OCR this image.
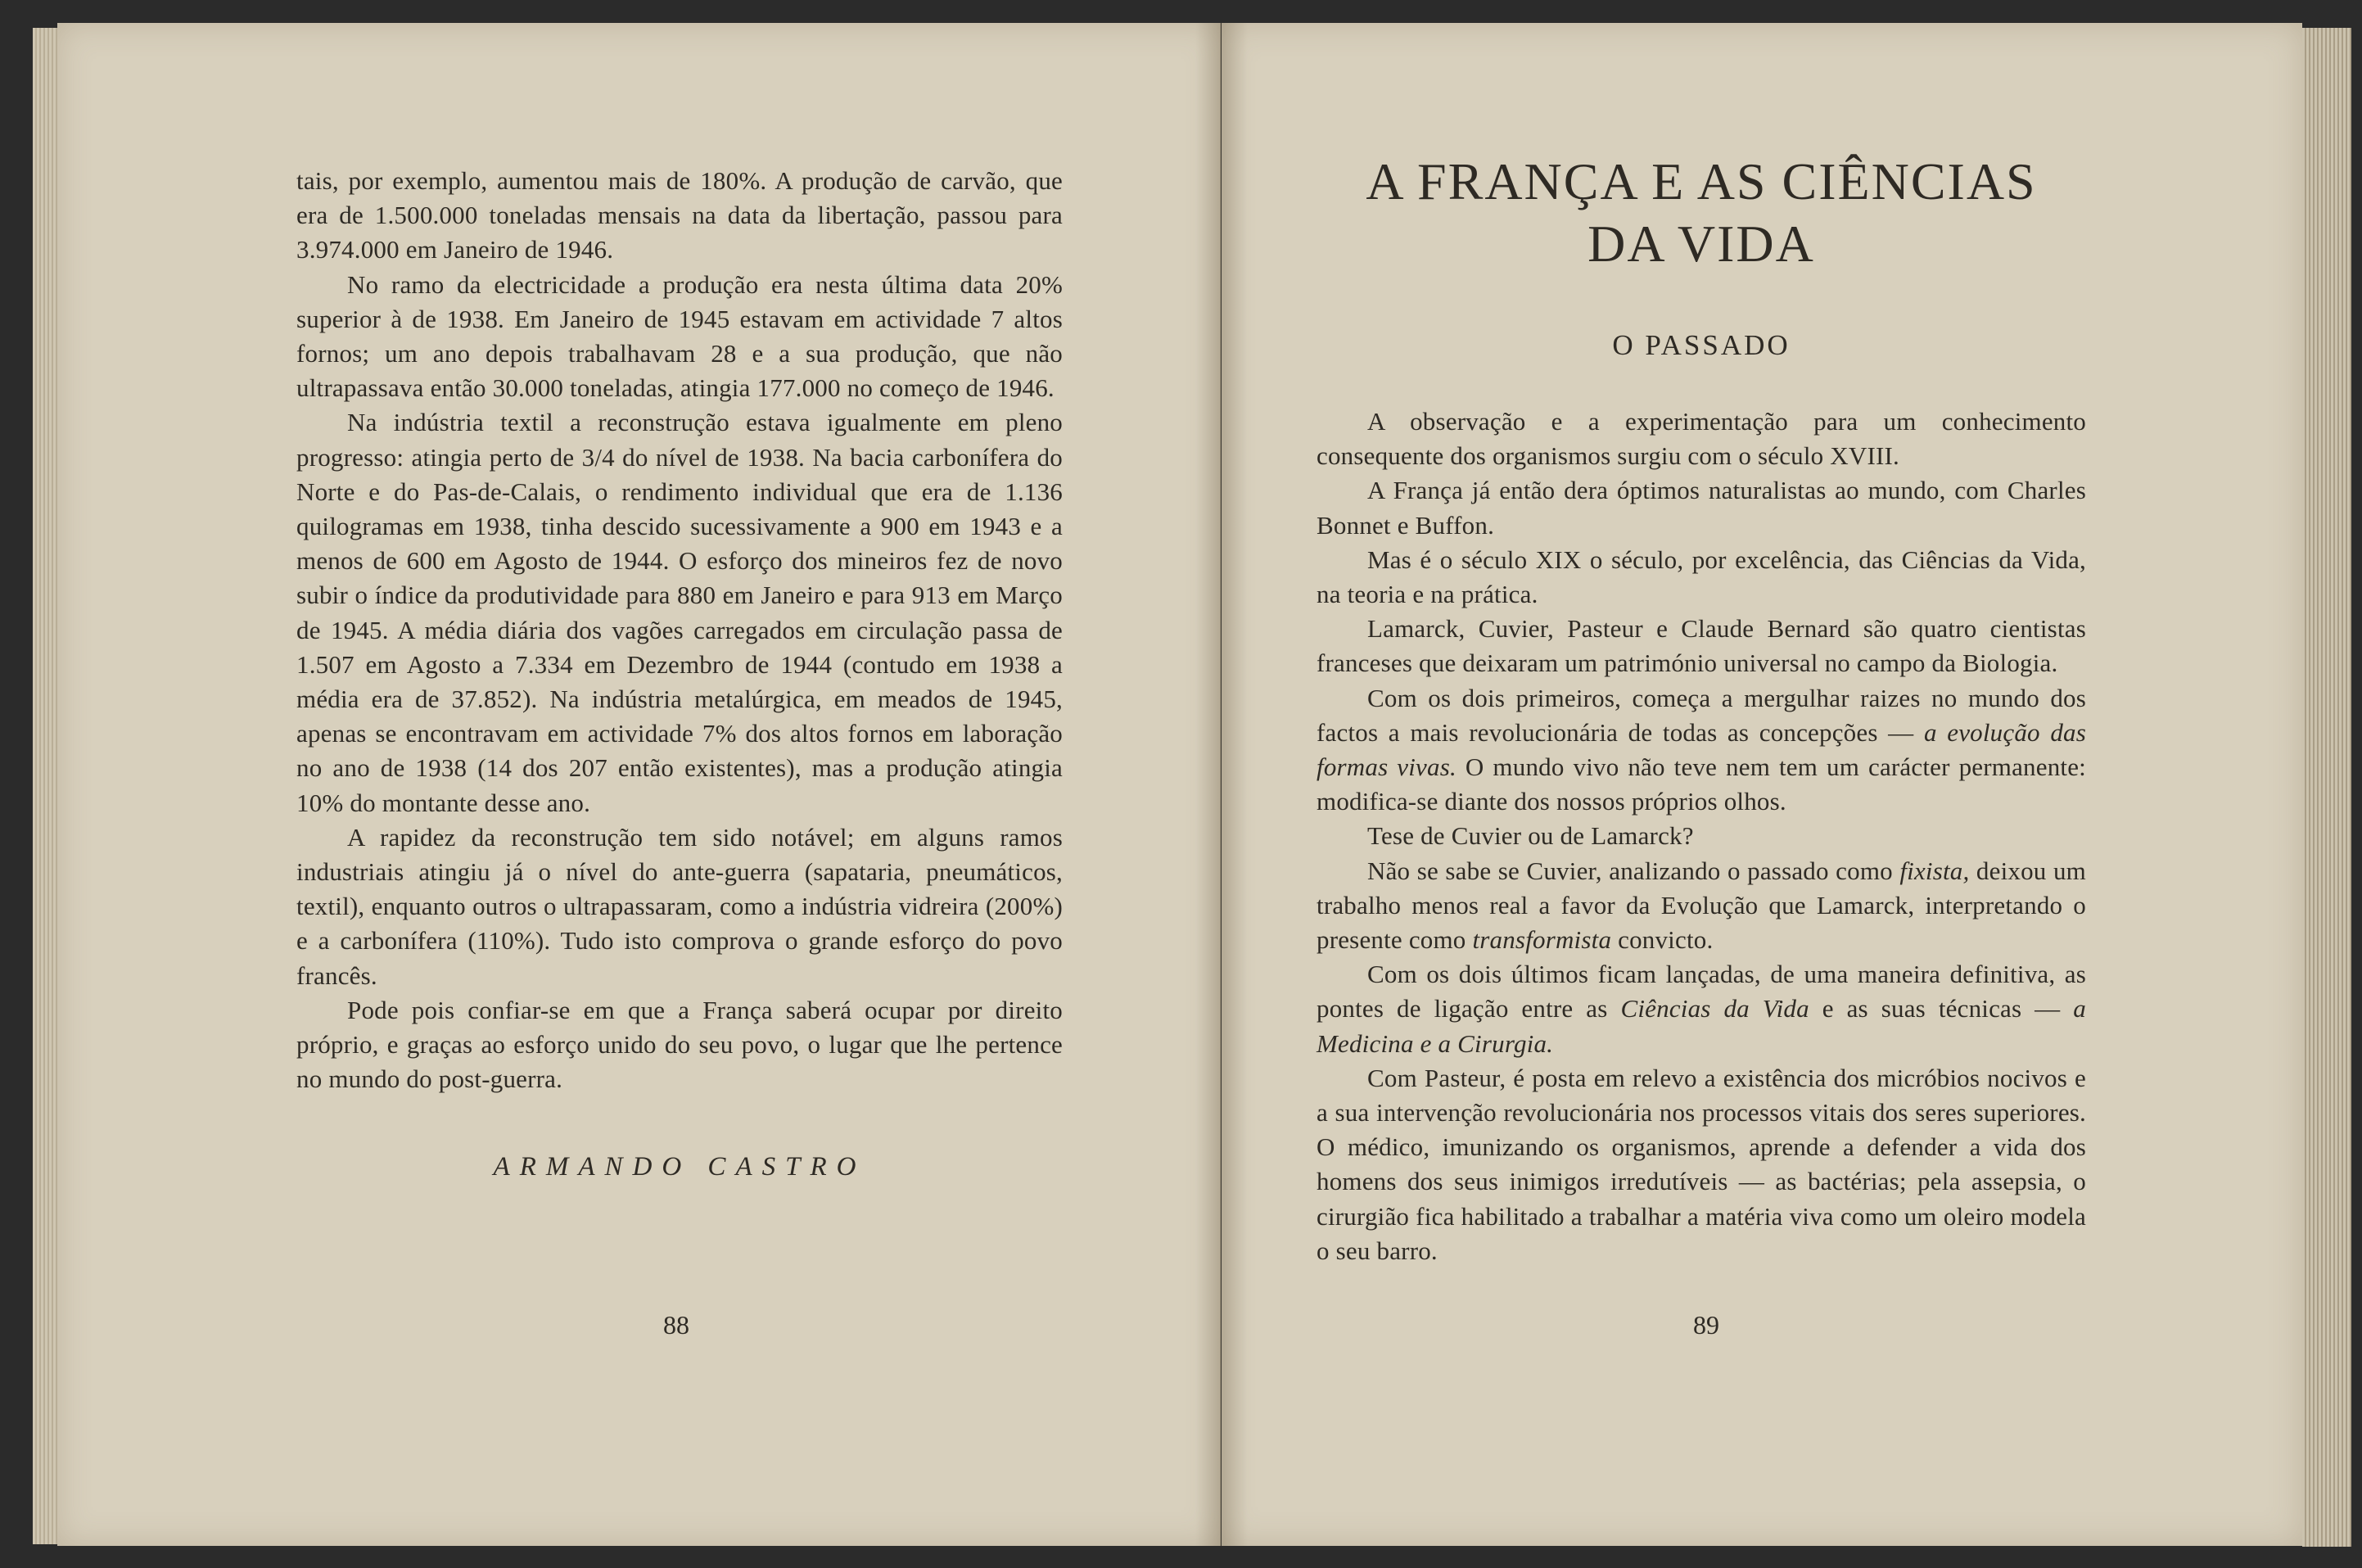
tais, por exemplo, aumentou mais de 180%. A produção de carvão, que era de 1.500.000 toneladas mensais na data da libertação, passou para 3.974.000 em Janeiro de 1946.

No ramo da electricidade a produção era nesta última data 20% superior à de 1938. Em Janeiro de 1945 estavam em actividade 7 altos fornos; um ano depois trabalhavam 28 e a sua produção, que não ultrapassava então 30.000 toneladas, atingia 177.000 no começo de 1946.

Na indústria textil a reconstrução estava igualmente em pleno progresso: atingia perto de 3/4 do nível de 1938. Na bacia carbonífera do Norte e do Pas-de-Calais, o rendimento individual que era de 1.136 quilogramas em 1938, tinha descido sucessivamente a 900 em 1943 e a menos de 600 em Agosto de 1944. O esforço dos mineiros fez de novo subir o índice da produtividade para 880 em Janeiro e para 913 em Março de 1945. A média diária dos vagões carregados em circulação passa de 1.507 em Agosto a 7.334 em Dezembro de 1944 (contudo em 1938 a média era de 37.852). Na indústria metalúrgica, em meados de 1945, apenas se encontravam em actividade 7% dos altos fornos em laboração no ano de 1938 (14 dos 207 então existentes), mas a produção atingia 10% do montante desse ano.

A rapidez da reconstrução tem sido notável; em alguns ramos industriais atingiu já o nível do ante-guerra (sapataria, pneumáticos, textil), enquanto outros o ultrapassaram, como a indústria vidreira (200%) e a carbonífera (110%). Tudo isto comprova o grande esforço do povo francês.

Pode pois confiar-se em que a França saberá ocupar por direito próprio, e graças ao esforço unido do seu povo, o lugar que lhe pertence no mundo do post-guerra.

ARMANDO CASTRO

88
A FRANÇA E AS CIÊNCIAS
DA VIDA
O PASSADO

A observação e a experimentação para um conhecimento consequente dos organismos surgiu com o século XVIII.

A França já então dera óptimos naturalistas ao mundo, com Charles Bonnet e Buffon.

Mas é o século XIX o século, por excelência, das Ciências da Vida, na teoria e na prática.

Lamarck, Cuvier, Pasteur e Claude Bernard são quatro cientistas franceses que deixaram um património universal no campo da Biologia.

Com os dois primeiros, começa a mergulhar raizes no mundo dos factos a mais revolucionária de todas as concepções — a evolução das formas vivas. O mundo vivo não teve nem tem um carácter permanente: modifica-se diante dos nossos próprios olhos.

Tese de Cuvier ou de Lamarck?

Não se sabe se Cuvier, analizando o passado como fixista, deixou um trabalho menos real a favor da Evolução que Lamarck, interpretando o presente como transformista convicto.

Com os dois últimos ficam lançadas, de uma maneira definitiva, as pontes de ligação entre as Ciências da Vida e as suas técnicas — a Medicina e a Cirurgia.

Com Pasteur, é posta em relevo a existência dos micróbios nocivos e a sua intervenção revolucionária nos processos vitais dos seres superiores. O médico, imunizando os organismos, aprende a defender a vida dos homens dos seus inimigos irredutíveis — as bactérias; pela assepsia, o cirurgião fica habilitado a trabalhar a matéria viva como um oleiro modela o seu barro.

89
